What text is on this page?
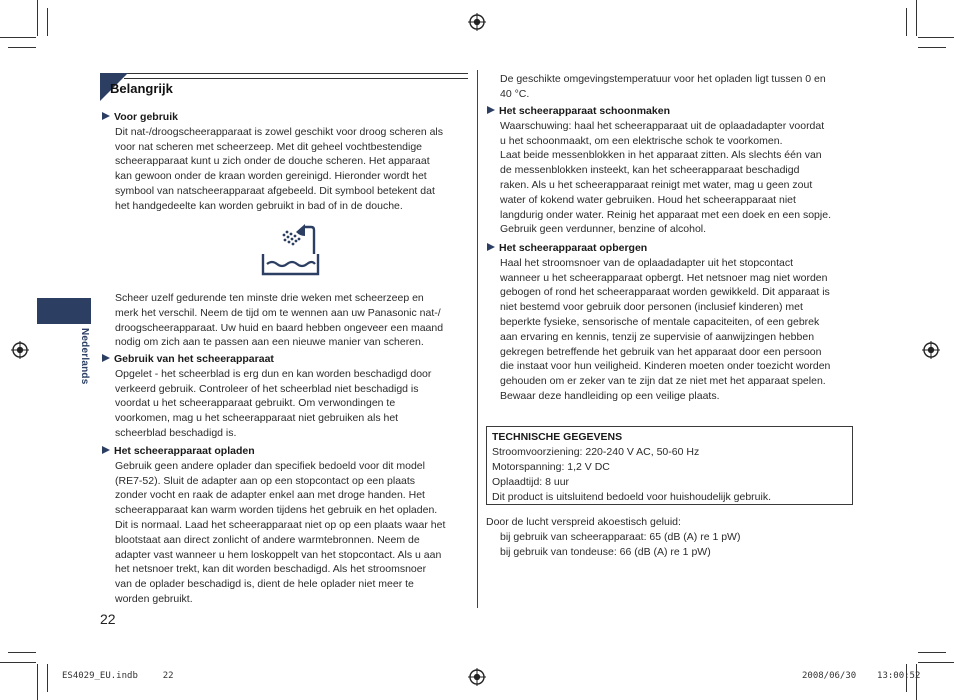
Nederlands
Belangrijk
Voor gebruik
Dit nat-/droogscheerapparaat is zowel geschikt voor droog scheren als
voor nat scheren met scheerzeep. Met dit geheel vochtbestendige
scheerapparaat kunt u zich onder de douche scheren. Het apparaat
kan gewoon onder de kraan worden gereinigd. Hieronder wordt het
symbool van natscheerapparaat afgebeeld. Dit symbool betekent dat
het handgedeelte kan worden gebruikt in bad of in de douche.
Scheer uzelf gedurende ten minste drie weken met scheerzeep en
merk het verschil. Neem de tijd om te wennen aan uw Panasonic nat-/
droogscheerapparaat. Uw huid en baard hebben ongeveer een maand
nodig om zich aan te passen aan een nieuwe manier van scheren.
Gebruik van het scheerapparaat
Opgelet - het scheerblad is erg dun en kan worden beschadigd door
verkeerd gebruik. Controleer of het scheerblad niet beschadigd is
voordat u het scheerapparaat gebruikt. Om verwondingen te
voorkomen, mag u het scheerapparaat niet gebruiken als het
scheerblad beschadigd is.
Het scheerapparaat opladen
Gebruik geen andere oplader dan specifiek bedoeld voor dit model
(RE7-52). Sluit de adapter aan op een stopcontact op een plaats
zonder vocht en raak de adapter enkel aan met droge handen. Het
scheerapparaat kan warm worden tijdens het gebruik en het opladen.
Dit is normaal. Laad het scheerapparaat niet op op een plaats waar het
blootstaat aan direct zonlicht of andere warmtebronnen. Neem de
adapter vast wanneer u hem loskoppelt van het stopcontact. Als u aan
het netsnoer trekt, kan dit worden beschadigd. Als het stroomsnoer
van de oplader beschadigd is, dient de hele oplader niet meer te
worden gebruikt.
22
De geschikte omgevingstemperatuur voor het opladen ligt tussen 0 en
40 °C.
Het scheerapparaat schoonmaken
Waarschuwing: haal het scheerapparaat uit de oplaadadapter voordat
u het schoonmaakt, om een elektrische schok te voorkomen.
Laat beide messenblokken in het apparaat zitten. Als slechts één van
de messenblokken insteekt, kan het scheerapparaat beschadigd
raken. Als u het scheerapparaat reinigt met water, mag u geen zout
water of kokend water gebruiken. Houd het scheerapparaat niet
langdurig onder water. Reinig het apparaat met een doek en een sopje.
Gebruik geen verdunner, benzine of alcohol.
Het scheerapparaat opbergen
Haal het stroomsnoer van de oplaadadapter uit het stopcontact
wanneer u het scheerapparaat opbergt. Het netsnoer mag niet worden
gebogen of rond het scheerapparaat worden gewikkeld. Dit apparaat is
niet bestemd voor gebruik door personen (inclusief kinderen) met
beperkte fysieke, sensorische of mentale capaciteiten, of een gebrek
aan ervaring en kennis, tenzij ze supervisie of aanwijzingen hebben
gekregen betreffende het gebruik van het apparaat door een persoon
die instaat voor hun veiligheid. Kinderen moeten onder toezicht worden
gehouden om er zeker van te zijn dat ze niet met het apparaat spelen.
Bewaar deze handleiding op een veilige plaats.
TECHNISCHE GEGEVENS
Stroomvoorziening: 220-240 V AC, 50-60 Hz
Motorspanning: 1,2 V DC
Oplaadtijd: 8 uur
Dit product is uitsluitend bedoeld voor huishoudelijk gebruik.
Door de lucht verspreid akoestisch geluid:
bij gebruik van scheerapparaat: 65 (dB (A) re 1 pW)
bij gebruik van tondeuse: 66 (dB (A) re 1 pW)
ES4029_EU.indb	22	2008/06/30 13:00:52
